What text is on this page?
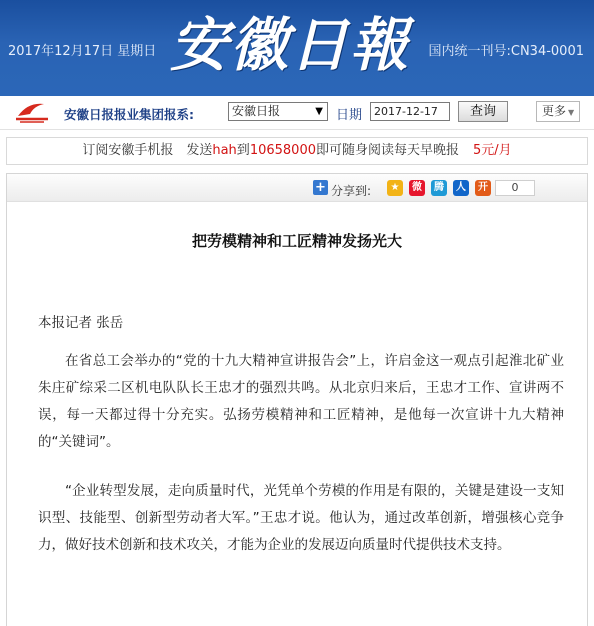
2017年12月17日 星期日 安徽日報	国内统一刊号:CN34-0001
安徽日报报业集团报系:	安徽日报	▼ 日期	2017-12-17	查询	更多 ▼
订阅安徽手机报　发送hah到10658000即可随身阅读每天早晚报 5元/月
+ 分享到:	★	微	腾	人	开	0
把劳模精神和工匠精神发扬光大
本报记者 张岳

在省总工会举办的“党的十九大精神宣讲报告会”上，许启金这一观点引起淮北矿业朱庄矿综采二区机电队队长王忠才的强烈共鸣。从北京归来后，王忠才工作、宣讲两不误，每一天都过得十分充实。弘扬劳模精神和工匠精神，是他每一次宣讲十九大精神的“关键词”。

“企业转型发展，走向质量时代，光凭单个劳模的作用是有限的，关键是建设一支知识型、技能型、创新型劳动者大军。”王忠才说。他认为，通过改革创新，增强核心竞争力，做好技术创新和技术攻关，才能为企业的发展迈向质量时代提供技术支持。
